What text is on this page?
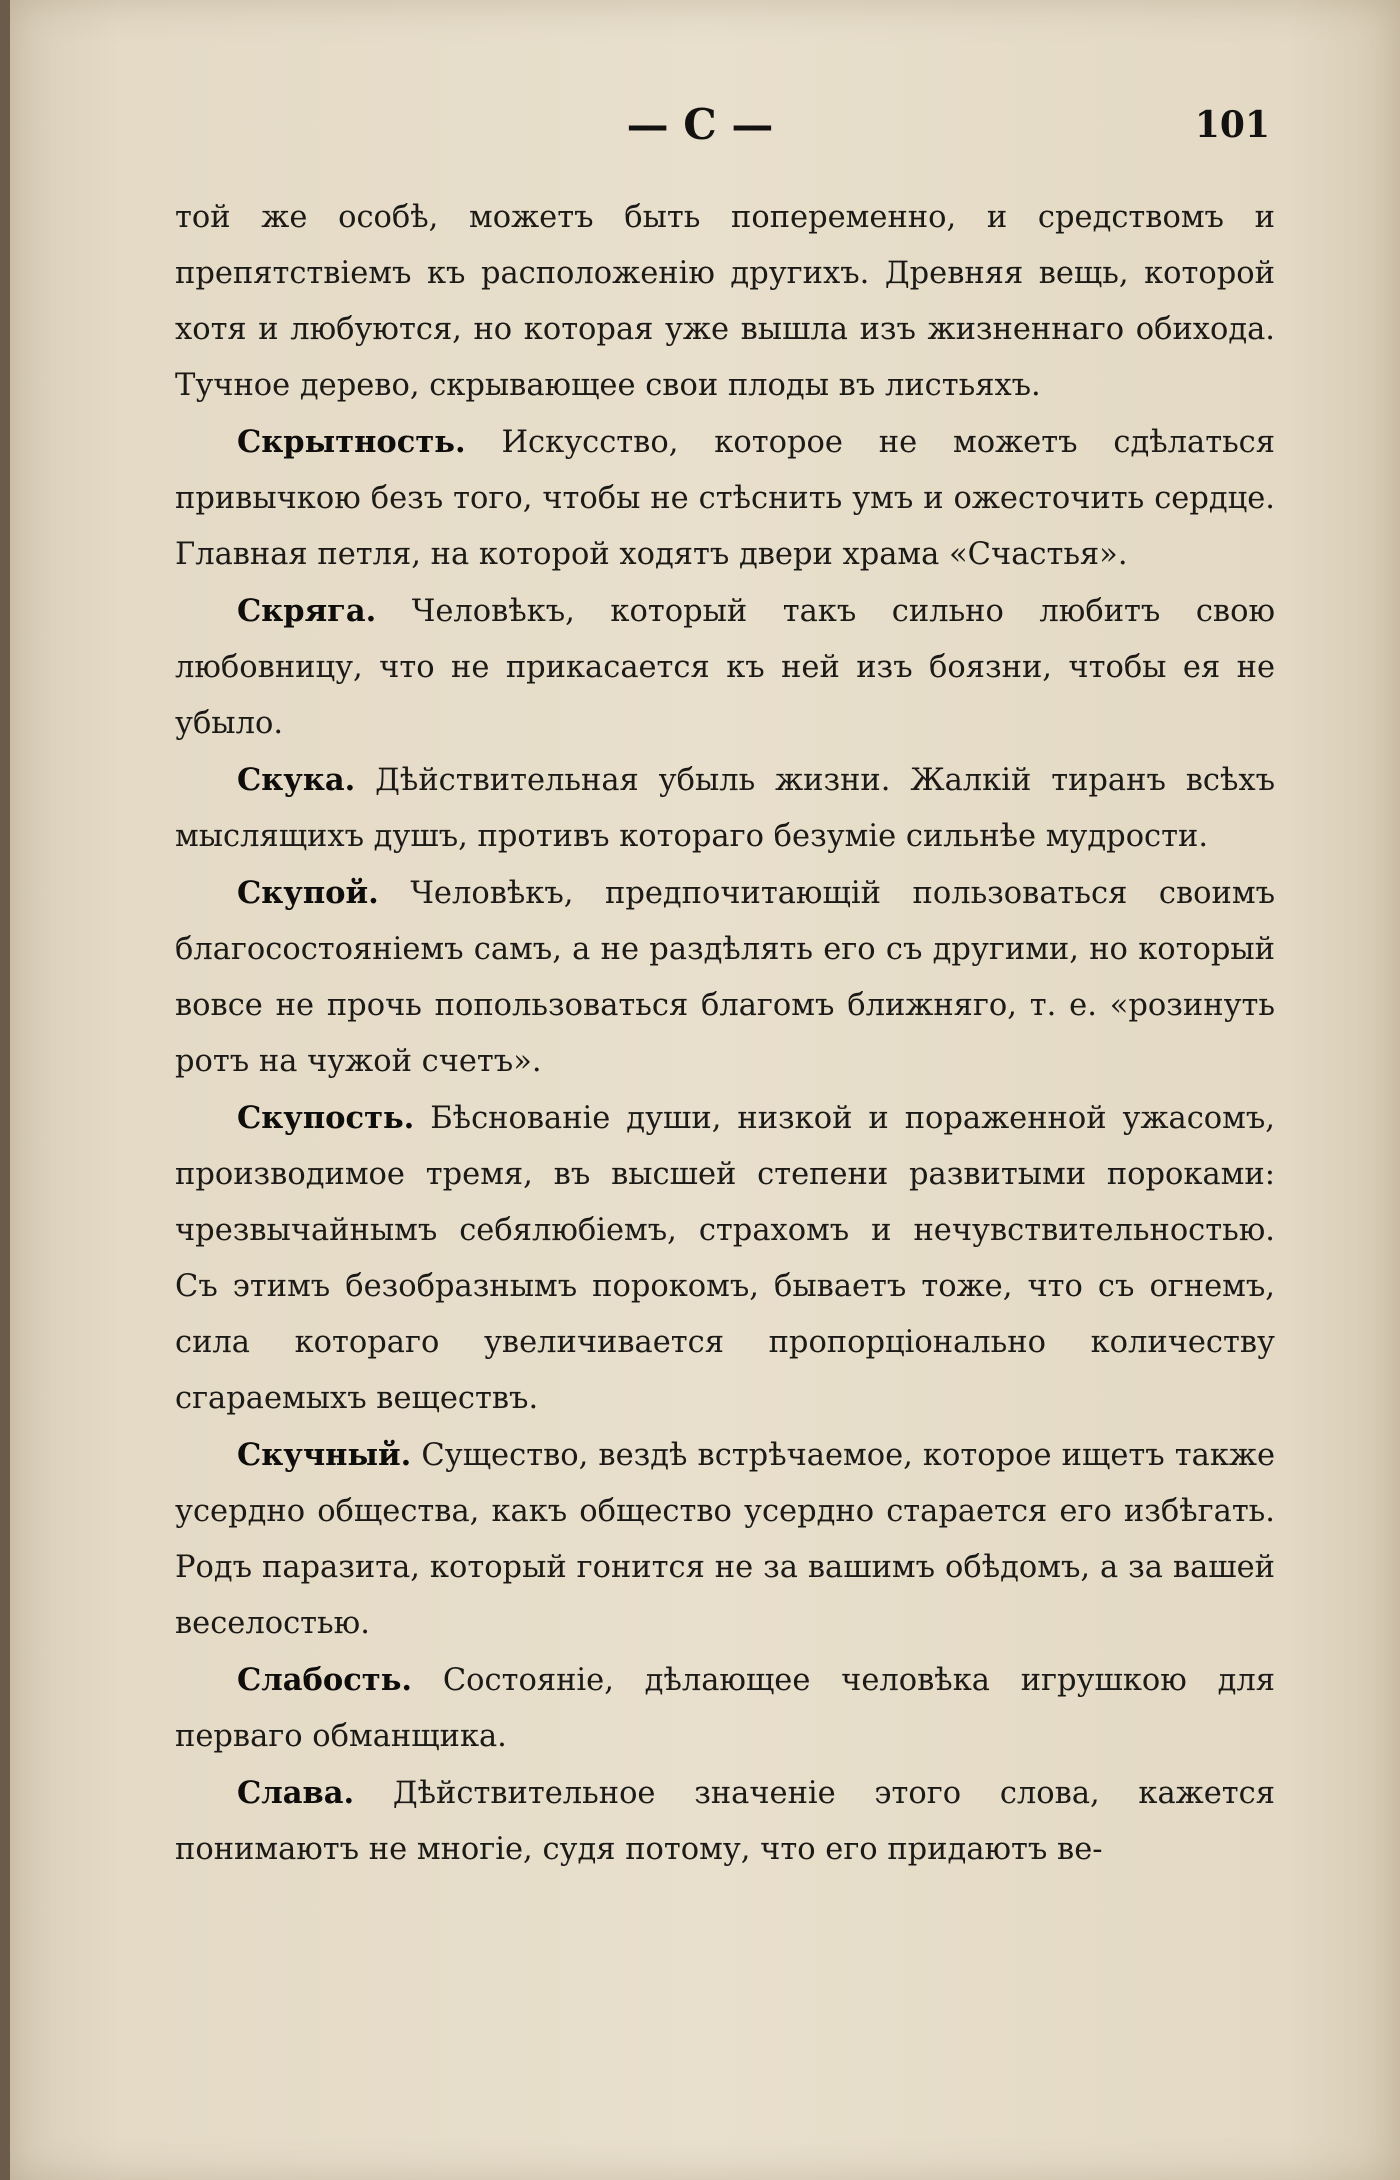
— С —	101

той же особѣ, можетъ быть попеременно, и средствомъ и препятствіемъ къ расположенію другихъ. Древняя вещь, которой хотя и любуются, но которая уже вышла изъ жизненнаго обихода. Тучное дерево, скрывающее свои плоды въ листьяхъ.

Скрытность. Искусство, которое не можетъ сдѣлаться привычкою безъ того, чтобы не стѣснить умъ и ожесточить сердце. Главная петля, на которой ходятъ двери храма «Счастья».

Скряга. Человѣкъ, который такъ сильно любитъ свою любовницу, что не прикасается къ ней изъ боязни, чтобы ея не убыло.

Скука. Дѣйствительная убыль жизни. Жалкій тиранъ всѣхъ мыслящихъ душъ, противъ котораго безуміе сильнѣе мудрости.

Скупой. Человѣкъ, предпочитающій пользоваться своимъ благосостояніемъ самъ, а не раздѣлять его съ другими, но который вовсе не прочь попользоваться благомъ ближняго, т. е. «розинуть ротъ на чужой счетъ».

Скупость. Бѣснованіе души, низкой и пораженной ужасомъ, производимое тремя, въ высшей степени развитыми пороками: чрезвычайнымъ себялюбіемъ, страхомъ и нечувствительностью. Съ этимъ безобразнымъ порокомъ, бываетъ тоже, что съ огнемъ, сила котораго увеличивается пропорціонально количеству сгараемыхъ веществъ.

Скучный. Существо, вездѣ встрѣчаемое, которое ищетъ также усердно общества, какъ общество усердно старается его избѣгать. Родъ паразита, который гонится не за вашимъ обѣдомъ, а за вашей веселостью.

Слабость. Состояніе, дѣлающее человѣка игрушкою для перваго обманщика.

Слава. Дѣйствительное значеніе этого слова, кажется понимаютъ не многіе, судя потому, что его придаютъ ве-
